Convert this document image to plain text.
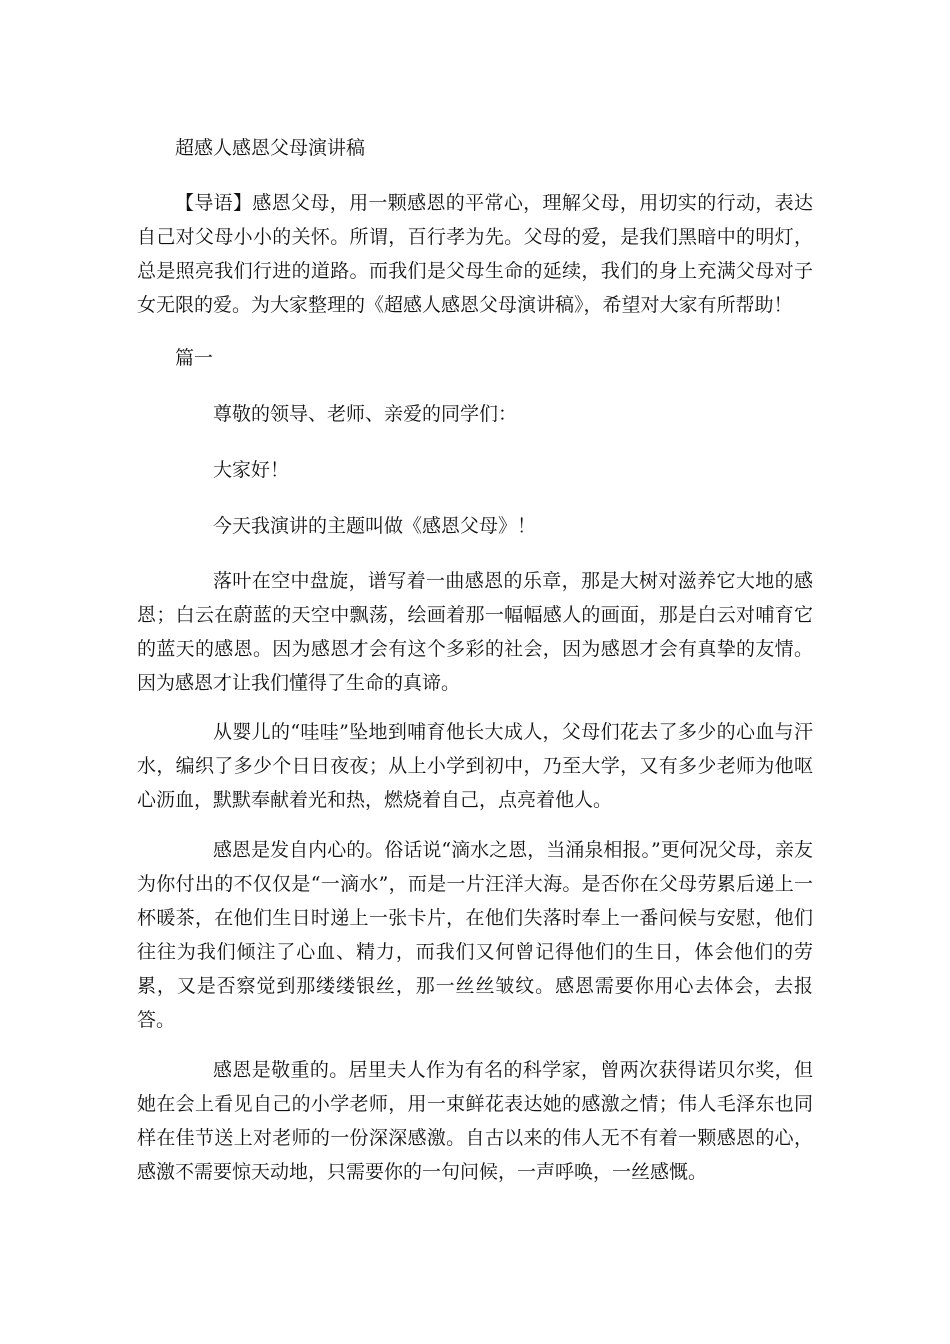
超感人感恩父母演讲稿

【导语】感恩父母，用一颗感恩的平常心，理解父母，用切实的行动，表达自己对父母小小的关怀。所谓，百行孝为先。父母的爱，是我们黑暗中的明灯，总是照亮我们行进的道路。而我们是父母生命的延续，我们的身上充满父母对子女无限的爱。为大家整理的《超感人感恩父母演讲稿》，希望对大家有所帮助！

篇一

尊敬的领导、老师、亲爱的同学们：

大家好！

今天我演讲的主题叫做《感恩父母》！

落叶在空中盘旋，谱写着一曲感恩的乐章，那是大树对滋养它大地的感恩；白云在蔚蓝的天空中飘荡，绘画着那一幅幅感人的画面，那是白云对哺育它的蓝天的感恩。因为感恩才会有这个多彩的社会，因为感恩才会有真挚的友情。因为感恩才让我们懂得了生命的真谛。

从婴儿的“哇哇”坠地到哺育他长大成人，父母们花去了多少的心血与汗水，编织了多少个日日夜夜；从上小学到初中，乃至大学，又有多少老师为他呕心沥血，默默奉献着光和热，燃烧着自己，点亮着他人。

感恩是发自内心的。俗话说“滴水之恩，当涌泉相报。”更何况父母，亲友为你付出的不仅仅是“一滴水”，而是一片汪洋大海。是否你在父母劳累后递上一杯暖茶，在他们生日时递上一张卡片，在他们失落时奉上一番问候与安慰，他们往往为我们倾注了心血、精力，而我们又何曾记得他们的生日，体会他们的劳累，又是否察觉到那缕缕银丝，那一丝丝皱纹。感恩需要你用心去体会，去报答。

感恩是敬重的。居里夫人作为有名的科学家，曾两次获得诺贝尔奖，但她在会上看见自己的小学老师，用一束鲜花表达她的感激之情；伟人毛泽东也同样在佳节送上对老师的一份深深感激。自古以来的伟人无不有着一颗感恩的心，感激不需要惊天动地，只需要你的一句问候，一声呼唤，一丝感慨。
